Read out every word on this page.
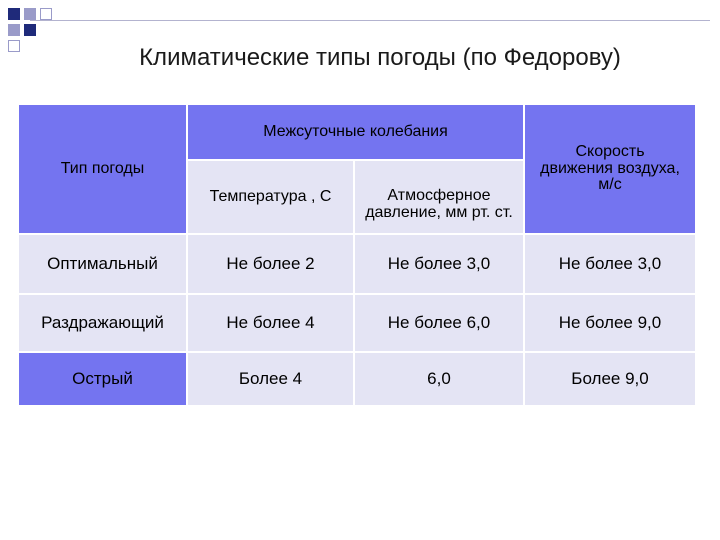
Климатические типы погоды (по Федорову)
Тип погоды
Межсуточные колебания
Температура , С	Атмосферное давление, мм рт. ст.
Скорость движения воздуха, м/с
Оптимальный	Не более 2	Не более 3,0	Не более 3,0
Раздражающий	Не более 4	Не более 6,0	Не более 9,0
Острый	Более 4	6,0	Более 9,0
